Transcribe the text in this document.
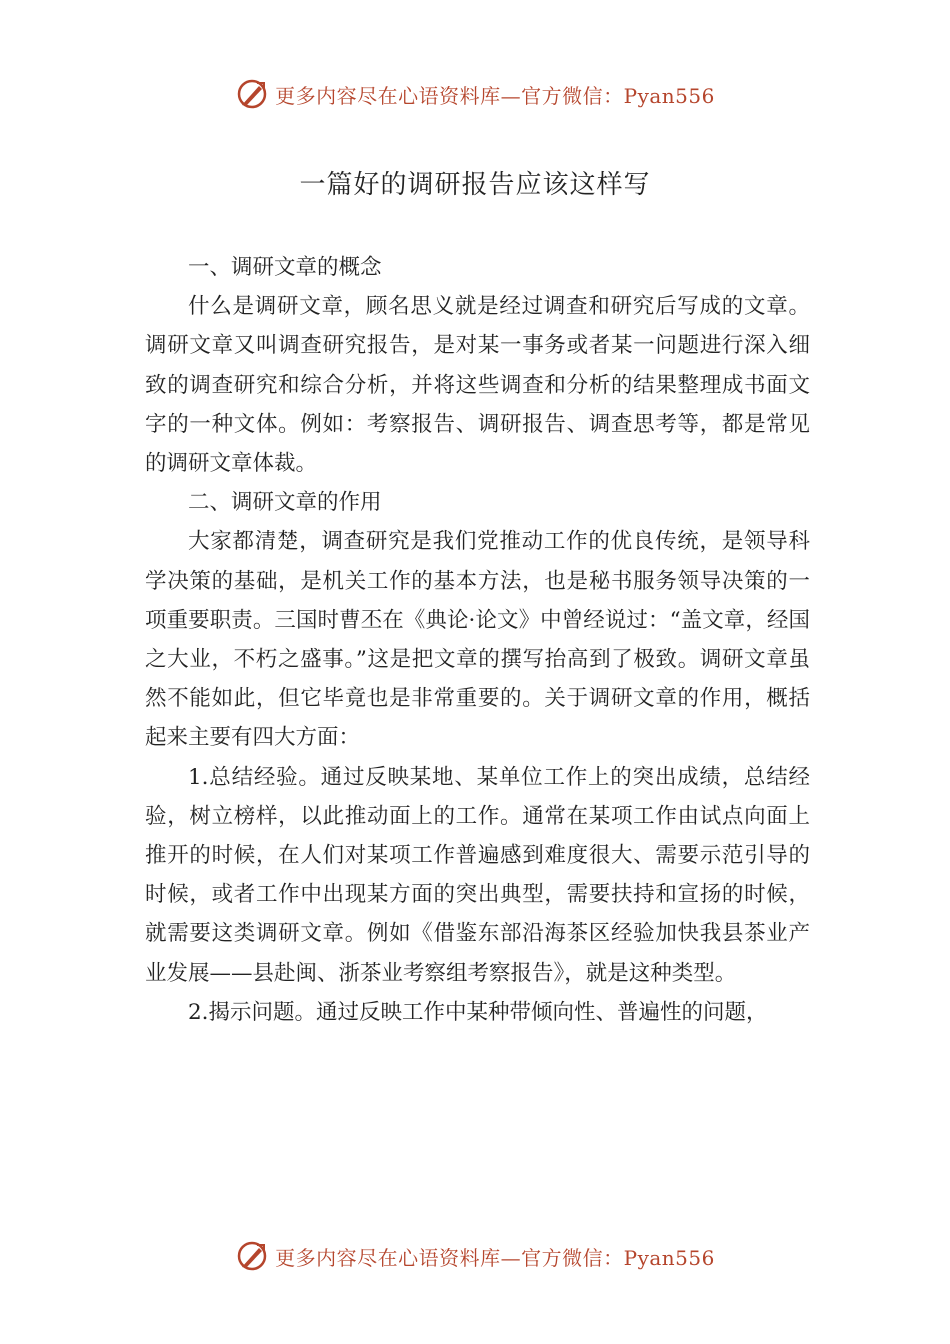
更多内容尽在心语资料库—官方微信：Pyan556
一篇好的调研报告应该这样写

一、调研文章的概念

什么是调研文章，顾名思义就是经过调查和研究后写成的文章。调研文章又叫调查研究报告，是对某一事务或者某一问题进行深入细致的调查研究和综合分析，并将这些调查和分析的结果整理成书面文字的一种文体。例如：考察报告、调研报告、调查思考等，都是常见的调研文章体裁。

二、调研文章的作用

大家都清楚，调查研究是我们党推动工作的优良传统，是领导科学决策的基础，是机关工作的基本方法，也是秘书服务领导决策的一项重要职责。三国时曹丕在《典论·论文》中曾经说过：“盖文章，经国之大业，不朽之盛事。”这是把文章的撰写抬高到了极致。调研文章虽然不能如此，但它毕竟也是非常重要的。关于调研文章的作用，概括起来主要有四大方面：

1.总结经验。通过反映某地、某单位工作上的突出成绩，总结经验，树立榜样，以此推动面上的工作。通常在某项工作由试点向面上推开的时候，在人们对某项工作普遍感到难度很大、需要示范引导的时候，或者工作中出现某方面的突出典型，需要扶持和宣扬的时候，就需要这类调研文章。例如《借鉴东部沿海茶区经验加快我县茶业产业发展——县赴闽、浙茶业考察组考察报告》，就是这种类型。

2.揭示问题。通过反映工作中某种带倾向性、普遍性的问题，

更多内容尽在心语资料库—官方微信：Pyan556
